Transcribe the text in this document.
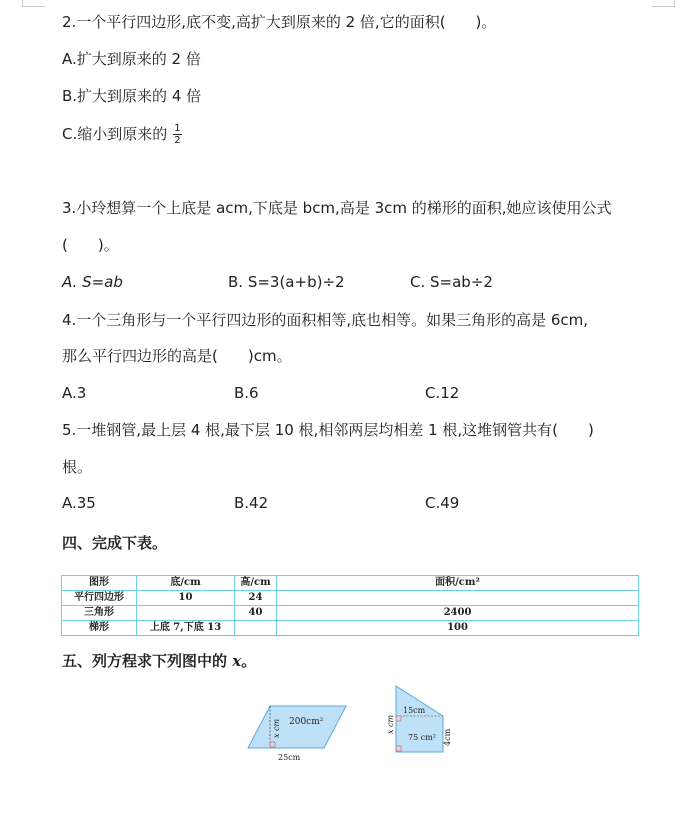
2.一个平行四边形,底不变,高扩大到原来的 2 倍,它的面积(　　)。
A.扩大到原来的 2 倍
B.扩大到原来的 4 倍
C.缩小到原来的 $\frac{1}{2}$
3.小玲想算一个上底是 acm,下底是 bcm,高是 3cm 的梯形的面积,她应该使用公式
(　　)。
A. S=ab	B. S=3(a+b)÷2	C. S=ab÷2
4.一个三角形与一个平行四边形的面积相等,底也相等。如果三角形的高是 6cm,
那么平行四边形的高是(　　)cm。
A.3	B.6	C.12
5.一堆钢管,最上层 4 根,最下层 10 根,相邻两层均相差 1 根,这堆钢管共有(　　)
根。
A.35	B.42	C.49
四、完成下表。
图形	底/cm	高/cm	面积/cm²
平行四边形	10	24	
三角形		40	2400
梯形	上底 7,下底 13		100
五、列方程求下列图中的 x。
200cm²
x cm
25cm
15cm
x cm
75 cm² 4cm
